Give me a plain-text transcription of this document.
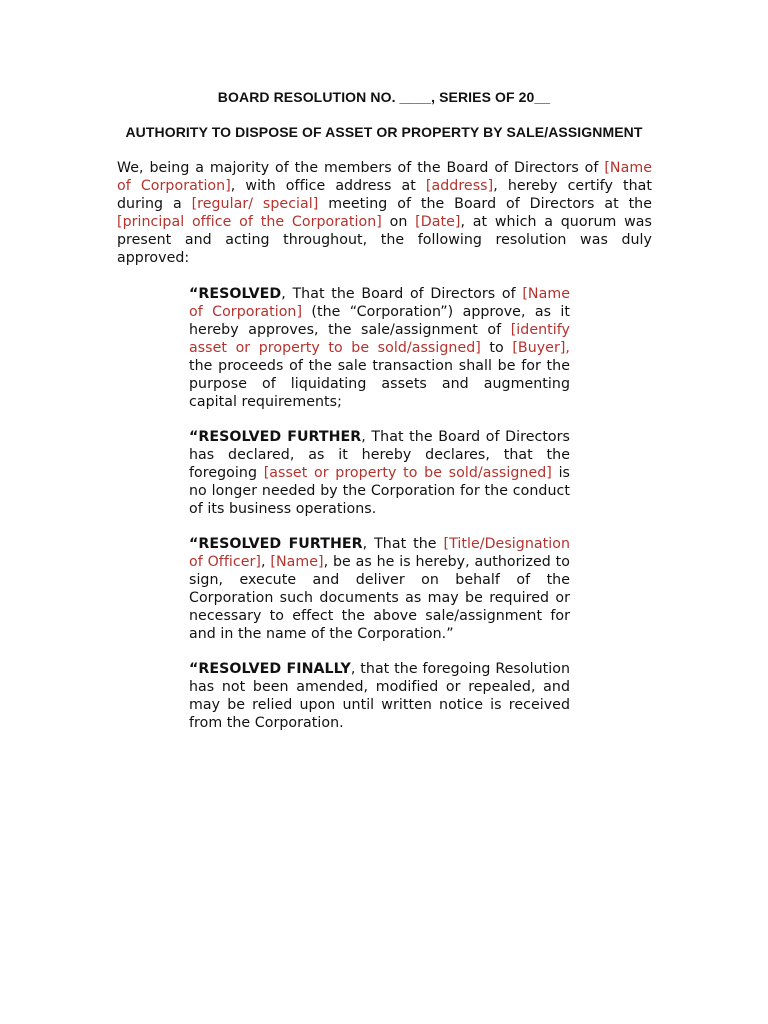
BOARD RESOLUTION NO. ____, SERIES OF 20__
AUTHORITY TO DISPOSE OF ASSET OR PROPERTY BY SALE/ASSIGNMENT
We, being a majority of the members of the Board of Directors of [Name of Corporation], with office address at [address], hereby certify that during a [regular/ special] meeting of the Board of Directors at the [principal office of the Corporation] on [Date], at which a quorum was present and acting throughout, the following resolution was duly approved:
“RESOLVED, That the Board of Directors of [Name of Corporation] (the “Corporation”) approve, as it hereby approves, the sale/assignment of [identify asset or property to be sold/assigned] to [Buyer], the proceeds of the sale transaction shall be for the purpose of liquidating assets and augmenting capital requirements;
“RESOLVED FURTHER, That the Board of Directors has declared, as it hereby declares, that the foregoing [asset or property to be sold/assigned] is no longer needed by the Corporation for the conduct of its business operations.
“RESOLVED FURTHER, That the [Title/Designation of Officer], [Name], be as he is hereby, authorized to sign, execute and deliver on behalf of the Corporation such documents as may be required or necessary to effect the above sale/assignment for and in the name of the Corporation.”
“RESOLVED FINALLY, that the foregoing Resolution has not been amended, modified or repealed, and may be relied upon until written notice is received from the Corporation.
